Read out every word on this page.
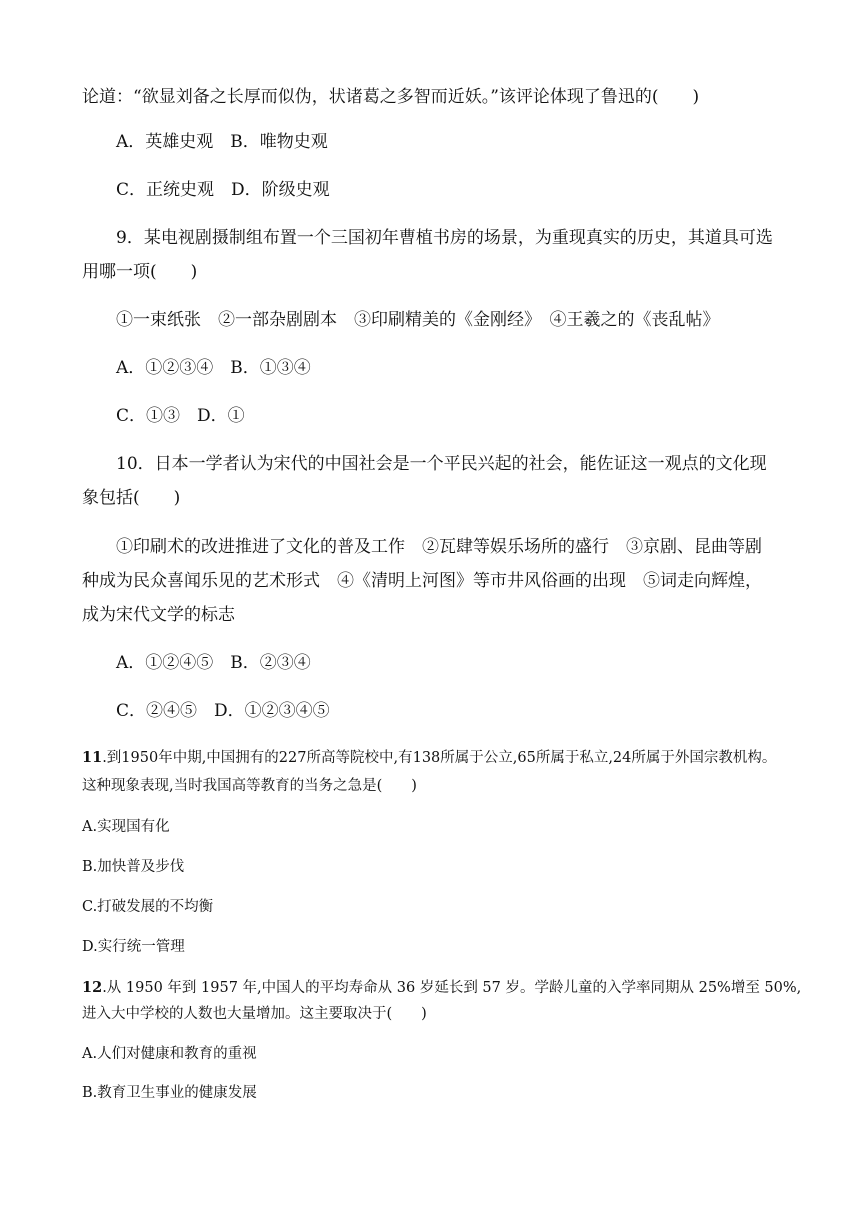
论道：“欲显刘备之长厚而似伪，状诸葛之多智而近妖。”该评论体现了鲁迅的(　　)
A．英雄史观　B．唯物史观
C．正统史观　D．阶级史观
9．某电视剧摄制组布置一个三国初年曹植书房的场景，为重现真实的历史，其道具可选
用哪一项(　　)
①一束纸张　②一部杂剧剧本　③印刷精美的《金刚经》　④王羲之的《丧乱帖》
A．①②③④　B．①③④
C．①③　D．①
10．日本一学者认为宋代的中国社会是一个平民兴起的社会，能佐证这一观点的文化现
象包括(　　)
①印刷术的改进推进了文化的普及工作　②瓦肆等娱乐场所的盛行　③京剧、昆曲等剧
种成为民众喜闻乐见的艺术形式　④《清明上河图》等市井风俗画的出现　⑤词走向辉煌，
成为宋代文学的标志
A．①②④⑤　B．②③④
C．②④⑤　D．①②③④⑤
11.到1950年中期,中国拥有的227所高等院校中,有138所属于公立,65所属于私立,24所属于外国宗教机构。
这种现象表现,当时我国高等教育的当务之急是(　　)
A.实现国有化
B.加快普及步伐
C.打破发展的不均衡
D.实行统一管理
12.从 1950 年到 1957 年,中国人的平均寿命从 36 岁延长到 57 岁。学龄儿童的入学率同期从 25%增至 50%,
进入大中学校的人数也大量增加。这主要取决于(　　)
A.人们对健康和教育的重视
B.教育卫生事业的健康发展
